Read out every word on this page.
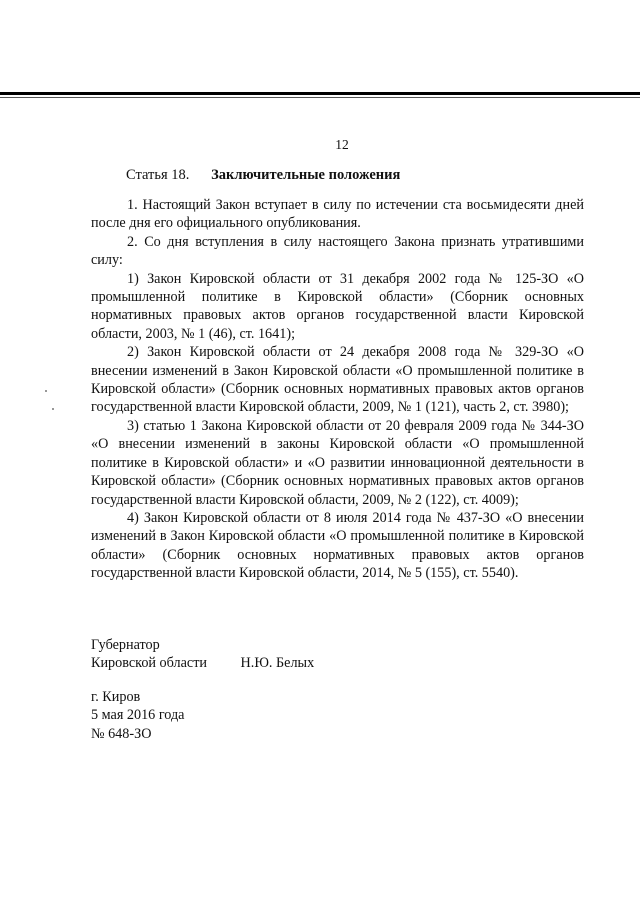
12
Статья 18. Заключительные положения

1. Настоящий Закон вступает в силу по истечении ста восьмидесяти дней после дня его официального опубликования.

2. Со дня вступления в силу настоящего Закона признать утратившими силу:

1) Закон Кировской области от 31 декабря 2002 года № 125-ЗО «О промышленной политике в Кировской области» (Сборник основных нормативных правовых актов органов государственной власти Кировской области, 2003, № 1 (46), ст. 1641);

2) Закон Кировской области от 24 декабря 2008 года № 329-ЗО «О внесении изменений в Закон Кировской области «О промышленной политике в Кировской области» (Сборник основных нормативных правовых актов органов государственной власти Кировской области, 2009, № 1 (121), часть 2, ст. 3980);

3) статью 1 Закона Кировской области от 20 февраля 2009 года № 344-ЗО «О внесении изменений в законы Кировской области «О промышленной политике в Кировской области» и «О развитии инновационной деятельности в Кировской области» (Сборник основных нормативных правовых актов органов государственной власти Кировской области, 2009, № 2 (122), ст. 4009);

4) Закон Кировской области от 8 июля 2014 года № 437-ЗО «О внесении изменений в Закон Кировской области «О промышленной политике в Кировской области» (Сборник основных нормативных правовых актов органов государственной власти Кировской области, 2014, № 5 (155), ст. 5540).

Губернатор
Кировской области Н.Ю. Белых
г. Киров
5 мая 2016 года
№ 648-ЗО
